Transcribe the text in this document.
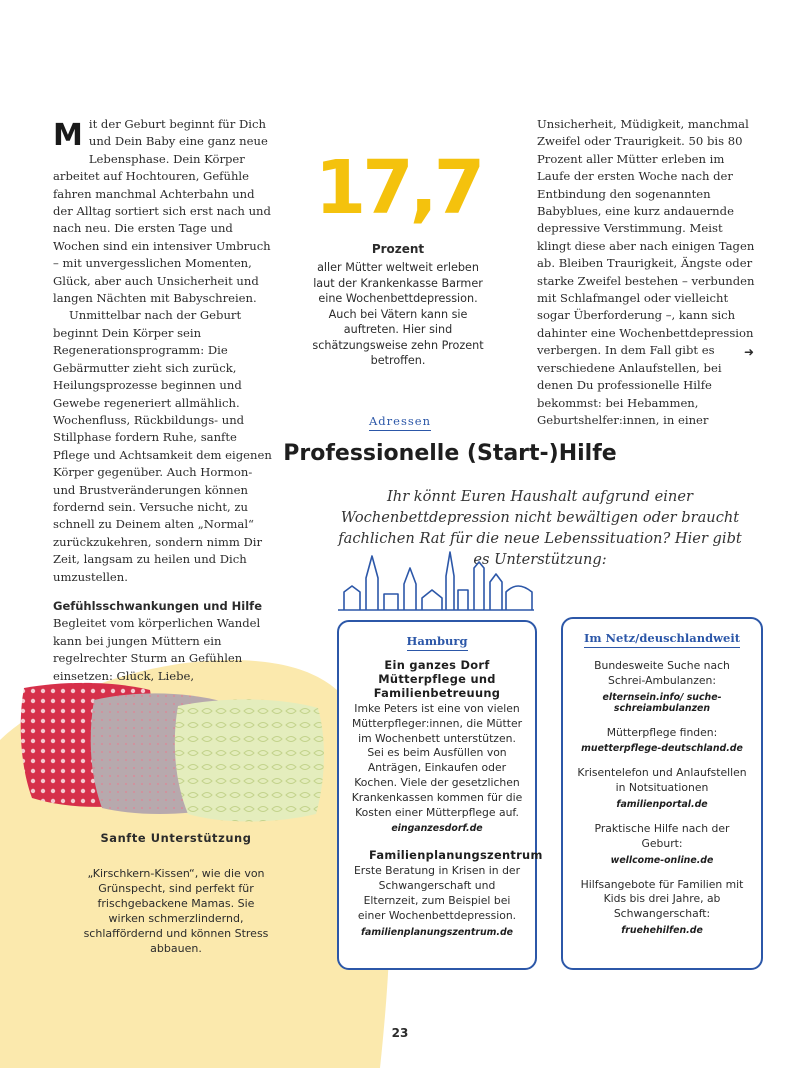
Mit der Geburt beginnt für Dich und Dein Baby eine ganz neue Lebensphase. Dein Körper arbeitet auf Hochtouren, Gefühle fahren manchmal Achterbahn und der Alltag sortiert sich erst nach und nach neu. Die ersten Tage und Wochen sind ein intensiver Umbruch – mit unvergesslichen Momenten, Glück, aber auch Unsicherheit und langen Nächten mit Babyschreien.

Unmittelbar nach der Geburt beginnt Dein Körper sein Regenerationsprogramm: Die Gebärmutter zieht sich zurück, Heilungsprozesse beginnen und Gewebe regeneriert allmählich. Wochenfluss, Rückbildungs- und Stillphase fordern Ruhe, sanfte Pflege und Achtsamkeit dem eigenen Körper gegenüber. Auch Hormon- und Brustveränderungen können fordernd sein. Versuche nicht, zu schnell zu Deinem alten „Normal“ zurückzukehren, sondern nimm Dir Zeit, langsam zu heilen und Dich umzustellen.

Gefühlsschwankungen und Hilfe

Begleitet vom körperlichen Wandel kann bei jungen Müttern ein regelrechter Sturm an Gefühlen einsetzen: Glück, Liebe,

17,7
Prozent
aller Mütter weltweit erleben laut der Krankenkasse Barmer eine Wochenbettdepression. Auch bei Vätern kann sie auftreten. Hier sind schätzungsweise zehn Prozent betroffen.

Unsicherheit, Müdigkeit, manchmal Zweifel oder Traurigkeit. 50 bis 80 Prozent aller Mütter erleben im Laufe der ersten Woche nach der Entbindung den sogenannten Babyblues, eine kurz andauernde depressive Verstimmung. Meist klingt diese aber nach einigen Tagen ab. Bleiben Traurigkeit, Ängste oder starke Zweifel bestehen – verbunden mit Schlafmangel oder vielleicht sogar Überforderung –, kann sich dahinter eine Wochenbettdepression verbergen. In dem Fall gibt es verschiedene Anlaufstellen, bei denen Du professionelle Hilfe bekommst: bei Hebammen, Geburtshelfer:innen, in einer

➜
Adressen
Professionelle (Start-)Hilfe
Ihr könnt Euren Haushalt aufgrund einer Wochenbettdepression nicht bewältigen oder braucht fachlichen Rat für die neue Lebenssituation? Hier gibt es Unterstützung:
Hamburg
Ein ganzes Dorf Mütterpflege und Familienbetreuung
Imke Peters ist eine von vielen Mütterpfleger:innen, die Mütter im Wochenbett unterstützen. Sei es beim Ausfüllen von Anträgen, Einkaufen oder Kochen. Viele der gesetzlichen Krankenkassen kommen für die Kosten einer Mütterpflege auf.
einganzesdorf.de
Familienplanungszentrum
Erste Beratung in Krisen in der Schwangerschaft und Elternzeit, zum Beispiel bei einer Wochenbettdepression.
familienplanungszentrum.de
Im Netz/deuschlandweit
Bundesweite Suche nach Schrei-Ambulanzen:
elternsein.info/ suche-schreiambulanzen
Mütterpflege finden:
muetterpflege-deutschland.de
Krisentelefon und Anlaufstellen in Notsituationen
familienportal.de
Praktische Hilfe nach der Geburt:
wellcome-online.de
Hilfsangebote für Familien mit Kids bis drei Jahre, ab Schwangerschaft:
fruehehilfen.de
Sanfte Unterstützung
„Kirschkern-Kissen“, wie die von Grünspecht, sind perfekt für frischgebackene Mamas. Sie wirken schmerzlindernd, schlaffördernd und können Stress abbauen.
23
